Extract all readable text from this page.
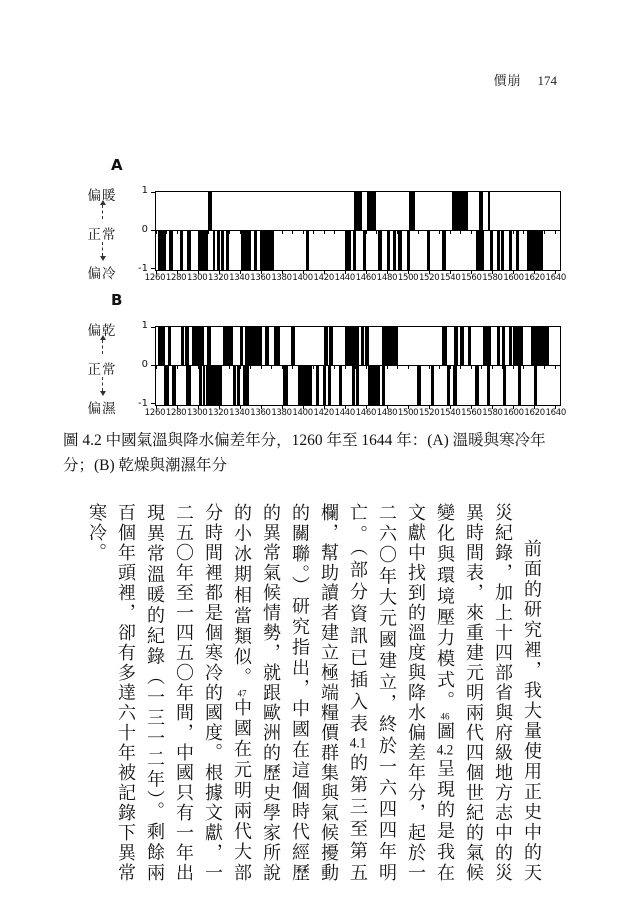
價崩 174
A
偏暖
正常
偏冷
1
0
-1
1260 1280 1300 1320 1340 1360 1380 1400 1420 1440 1460 1480 1500 1520 1540 1560 1580 1600 1620 1640
B
偏乾
正常
偏濕
1
0
-1
1260 1280 1300 1320 1340 1360 1380 1400 1420 1440 1460 1480 1500 1520 1540 1560 1580 1600 1620 1640
圖 4.2 中國氣溫與降水偏差年分，1260 年至 1644 年：(A) 溫暖與寒冷年分；(B) 乾燥與潮濕年分
前面的研究裡，我大量使用正史中的天災紀錄，加上十四部省與府級地方志中的災異時間表，來重建元明兩代四個世紀的氣候變化與環境壓力模式。46圖4.2呈現的是我在文獻中找到的溫度與降水偏差年分，起於一二六〇年大元國建立，終於一六四四年明亡。（部分資訊已插入表4.1的第三至第五欄，幫助讀者建立極端糧價群集與氣候擾動的關聯。）研究指出，中國在這個時代經歷的異常氣候情勢，就跟歐洲的歷史學家所說的小冰期相當類似。47中國在元明兩代大部分時間裡都是個寒冷的國度。根據文獻，一二五〇年至一四五〇年間，中國只有一年出現異常溫暖的紀錄（一三一二年）。剩餘兩百個年頭裡，卻有多達六十年被記錄下異常寒冷。
